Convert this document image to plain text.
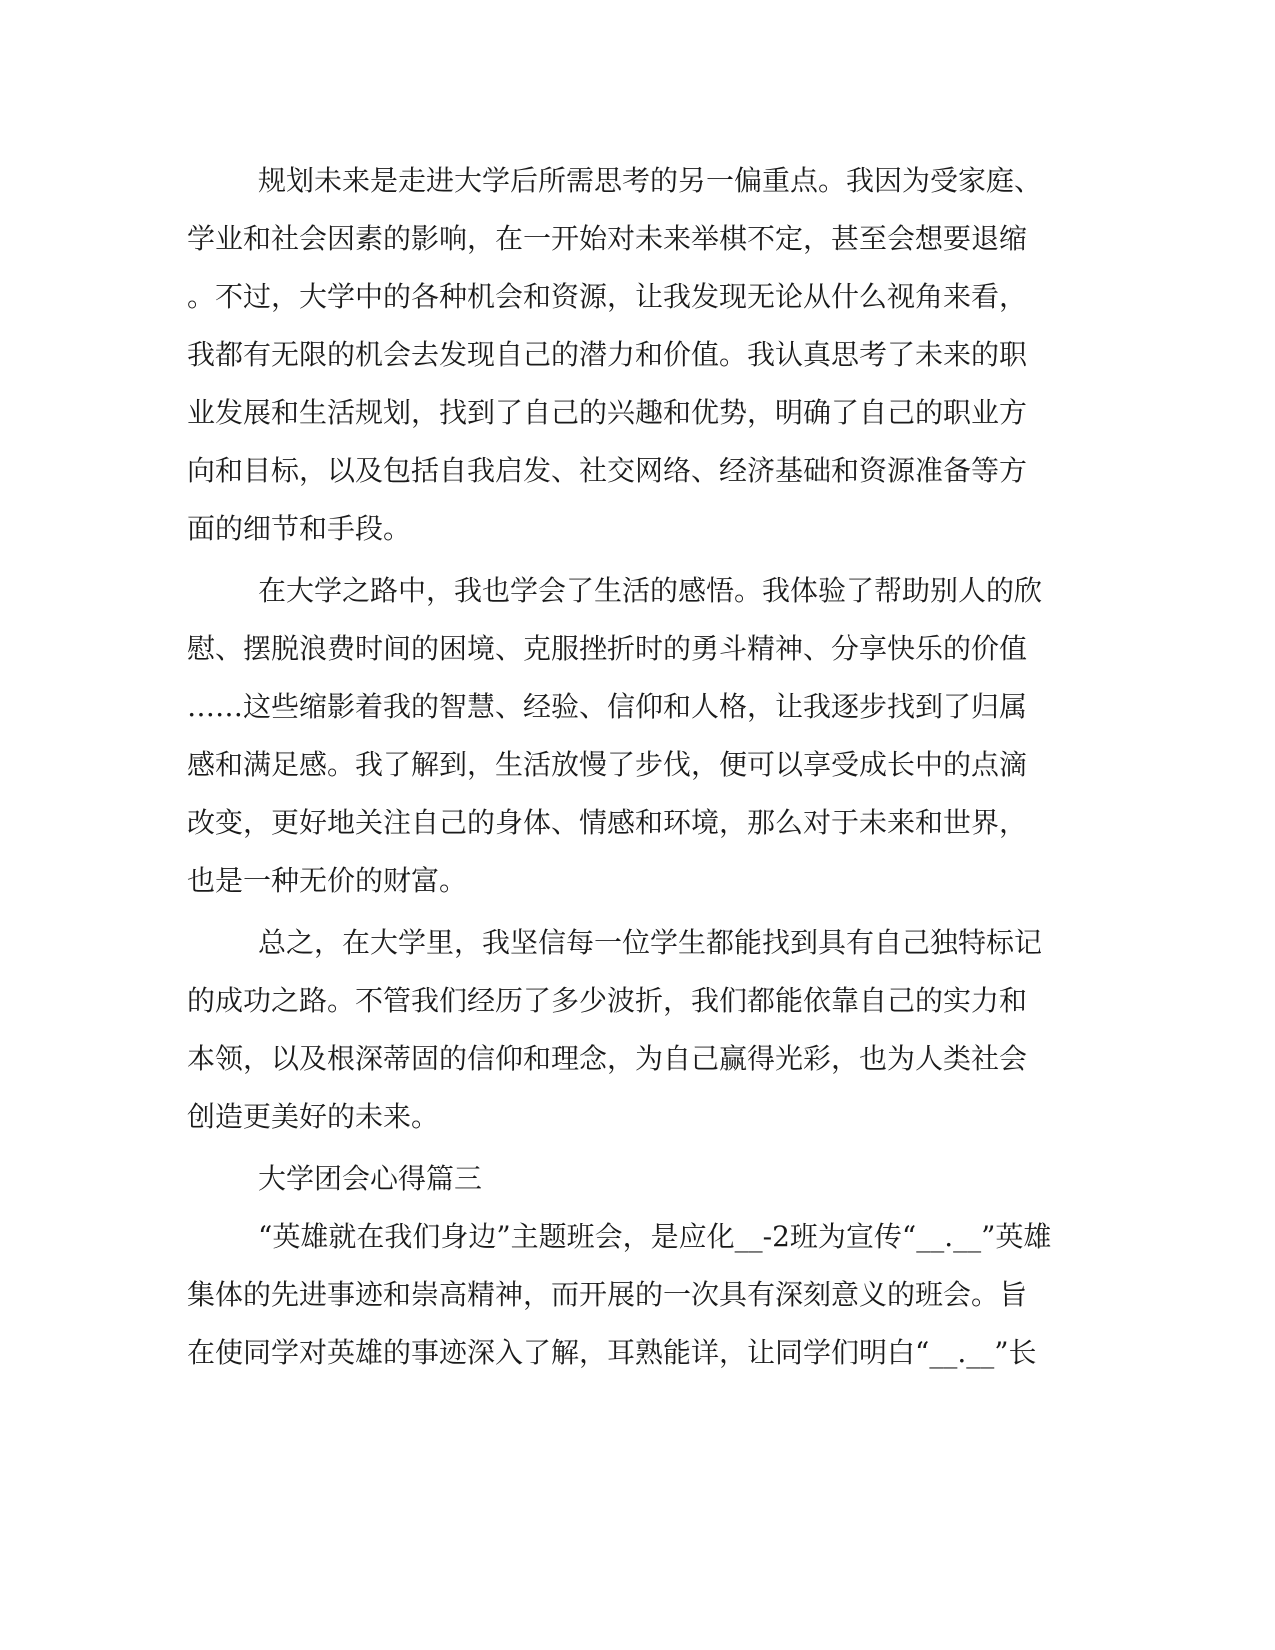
规划未来是走进大学后所需思考的另一偏重点。我因为受家庭、
学业和社会因素的影响，在一开始对未来举棋不定，甚至会想要退缩
。不过，大学中的各种机会和资源，让我发现无论从什么视角来看，
我都有无限的机会去发现自己的潜力和价值。我认真思考了未来的职
业发展和生活规划，找到了自己的兴趣和优势，明确了自己的职业方
向和目标，以及包括自我启发、社交网络、经济基础和资源准备等方
面的细节和手段。
在大学之路中，我也学会了生活的感悟。我体验了帮助别人的欣
慰、摆脱浪费时间的困境、克服挫折时的勇斗精神、分享快乐的价值
……这些缩影着我的智慧、经验、信仰和人格，让我逐步找到了归属
感和满足感。我了解到，生活放慢了步伐，便可以享受成长中的点滴
改变，更好地关注自己的身体、情感和环境，那么对于未来和世界，
也是一种无价的财富。
总之，在大学里，我坚信每一位学生都能找到具有自己独特标记
的成功之路。不管我们经历了多少波折，我们都能依靠自己的实力和
本领，以及根深蒂固的信仰和理念，为自己赢得光彩，也为人类社会
创造更美好的未来。
大学团会心得篇三
“英雄就在我们身边”主题班会，是应化__-2班为宣传“__.__”英雄
集体的先进事迹和崇高精神，而开展的一次具有深刻意义的班会。旨
在使同学对英雄的事迹深入了解，耳熟能详，让同学们明白“__.__”长
